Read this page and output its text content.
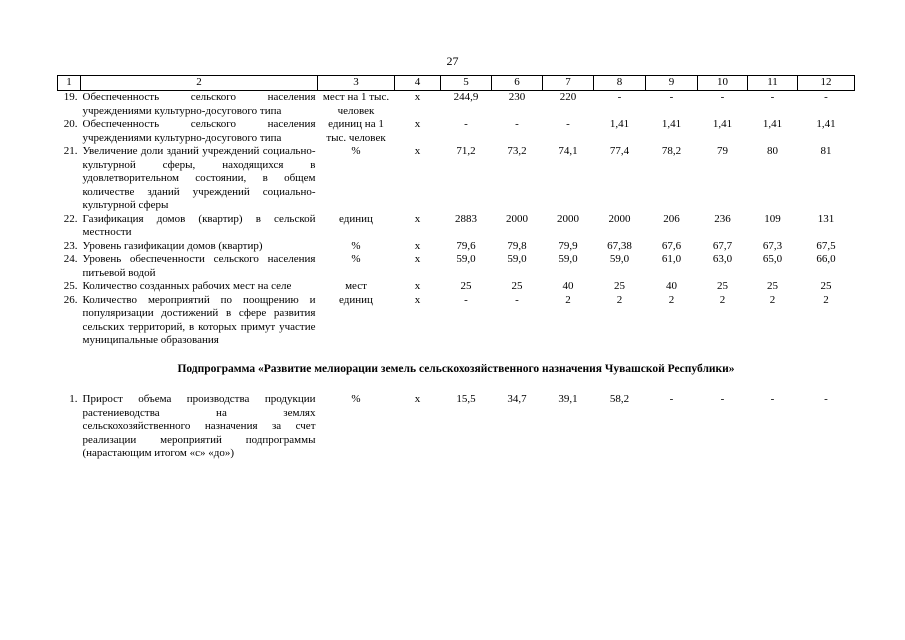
27
1	2	3	4	5	6	7	8	9	10	11	12
19.	Обеспеченность сельского населения учреждениями культурно-досугового типа	мест на 1 тыс. человек	x	244,9	230	220	-	-	-	-	-
20.	Обеспеченность сельского населения учреждениями культурно-досугового типа	единиц на 1 тыс. человек	x	-	-	-	1,41	1,41	1,41	1,41	1,41
21.	Увеличение доли зданий учреждений социально-культурной сферы, находящихся в удовлетворительном состоянии, в общем количестве зданий учреждений социально-культурной сферы	%	x	71,2	73,2	74,1	77,4	78,2	79	80	81
22.	Газификация домов (квартир) в сельской местности	единиц	x	2883	2000	2000	2000	206	236	109	131
23.	Уровень газификации домов (квартир)	%	x	79,6	79,8	79,9	67,38	67,6	67,7	67,3	67,5
24.	Уровень обеспеченности сельского населения питьевой водой	%	x	59,0	59,0	59,0	59,0	61,0	63,0	65,0	66,0
25.	Количество созданных рабочих мест на селе	мест	x	25	25	40	25	40	25	25	25
26.	Количество мероприятий по поощрению и популяризации достижений в сфере развития сельских территорий, в которых примут участие муниципальные образования	единиц	x	-	-	2	2	2	2	2	2
Подпрограмма «Развитие мелиорации земель сельскохозяйственного назначения Чувашской Республики»											
1.	Прирост объема производства продукции растениеводства на землях сельскохозяйственного назначения за счет реализации мероприятий подпрограммы (нарастающим итогом «с» «до»)	%	x	15,5	34,7	39,1	58,2	-	-	-	-
